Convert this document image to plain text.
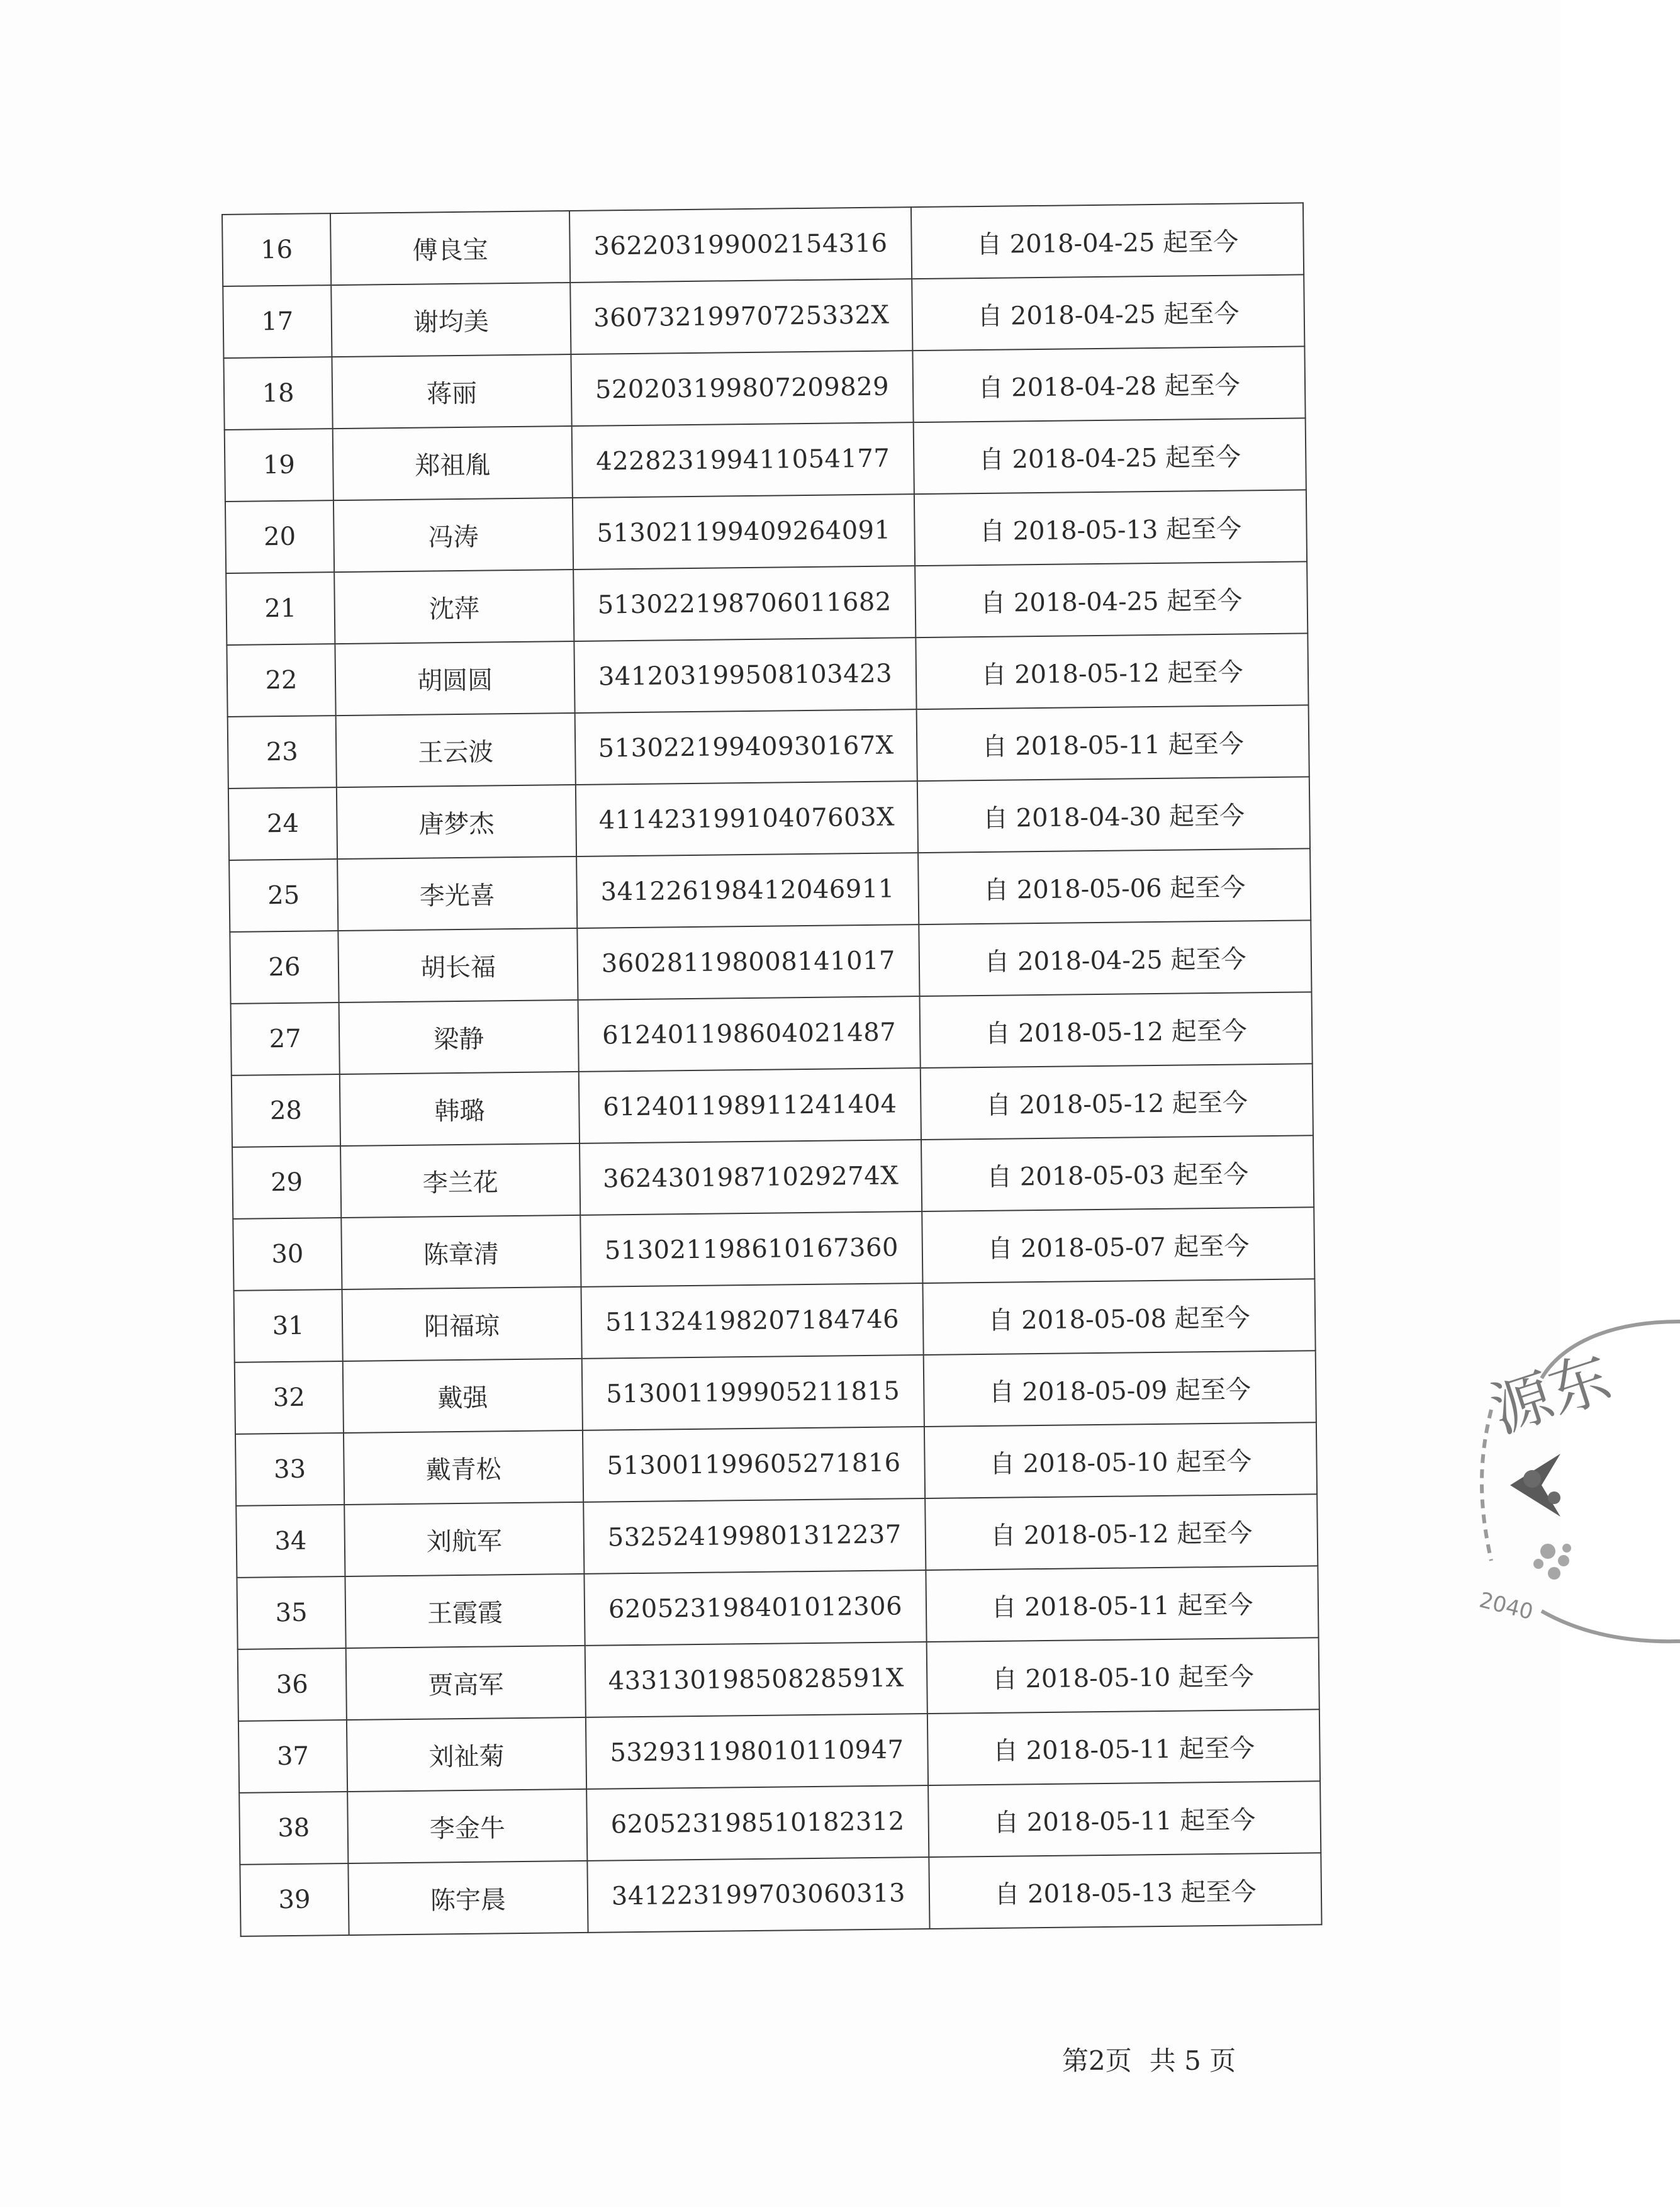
16	傅良宝	362203199002154316	自 2018-04-25 起至今
17	谢均美	36073219970725332X	自 2018-04-25 起至今
18	蒋丽	520203199807209829	自 2018-04-28 起至今
19	郑祖胤	422823199411054177	自 2018-04-25 起至今
20	冯涛	513021199409264091	自 2018-05-13 起至今
21	沈萍	513022198706011682	自 2018-04-25 起至今
22	胡圆圆	341203199508103423	自 2018-05-12 起至今
23	王云波	51302219940930167X	自 2018-05-11 起至今
24	唐梦杰	41142319910407603X	自 2018-04-30 起至今
25	李光喜	341226198412046911	自 2018-05-06 起至今
26	胡长福	360281198008141017	自 2018-04-25 起至今
27	梁静	612401198604021487	自 2018-05-12 起至今
28	韩璐	612401198911241404	自 2018-05-12 起至今
29	李兰花	36243019871029274X	自 2018-05-03 起至今
30	陈章清	513021198610167360	自 2018-05-07 起至今
31	阳福琼	511324198207184746	自 2018-05-08 起至今
32	戴强	513001199905211815	自 2018-05-09 起至今
33	戴青松	513001199605271816	自 2018-05-10 起至今
34	刘航军	532524199801312237	自 2018-05-12 起至今
35	王霞霞	620523198401012306	自 2018-05-11 起至今
36	贾高军	43313019850828591X	自 2018-05-10 起至今
37	刘祉菊	532931198010110947	自 2018-05-11 起至今
38	李金牛	620523198510182312	自 2018-05-11 起至今
39	陈宇晨	341223199703060313	自 2018-05-13 起至今
第2页 共 5 页
源东
2040
